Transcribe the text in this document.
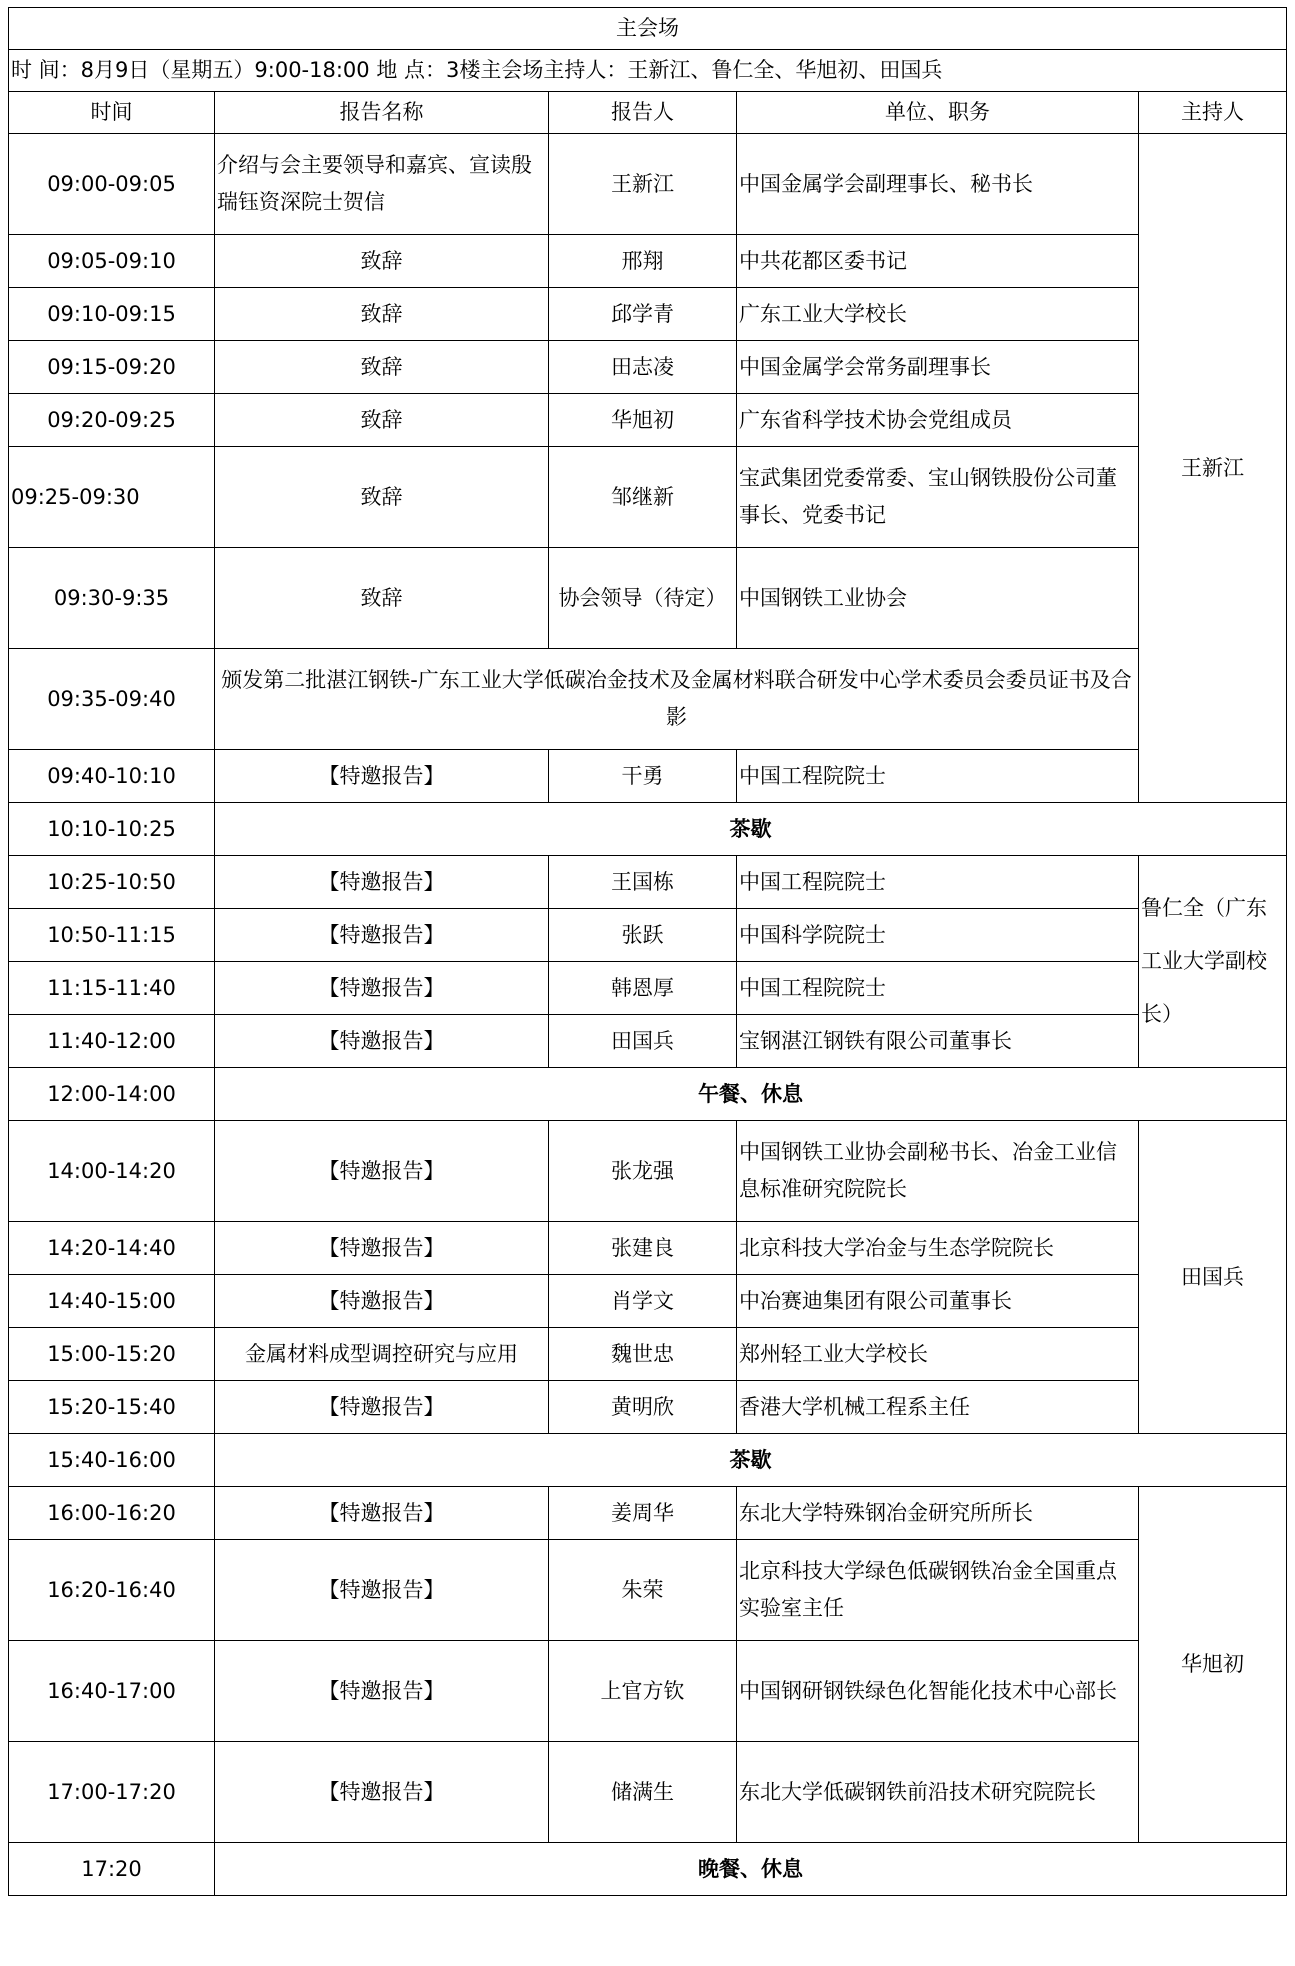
主会场				
时 间：8月9日（星期五）9:00-18:00 地 点：3楼主会场主持人：王新江、鲁仁全、华旭初、田国兵				
时间	报告名称	报告人	单位、职务	主持人
09:00-09:05	介绍与会主要领导和嘉宾、宣读殷瑞钰资深院士贺信	王新江	中国金属学会副理事长、秘书长	王新江
09:05-09:10	致辞	邢翔	中共花都区委书记	
09:10-09:15	致辞	邱学青	广东工业大学校长	
09:15-09:20	致辞	田志凌	中国金属学会常务副理事长	
09:20-09:25	致辞	华旭初	广东省科学技术协会党组成员	
09:25-09:30	致辞	邹继新	宝武集团党委常委、宝山钢铁股份公司董事长、党委书记	
09:30-9:35	致辞	协会领导（待定）	中国钢铁工业协会	
09:35-09:40	颁发第二批湛江钢铁-广东工业大学低碳冶金技术及金属材料联合研发中心学术委员会委员证书及合影			
09:40-10:10	【特邀报告】	干勇	中国工程院院士	
10:10-10:25	茶歇			
10:25-10:50	【特邀报告】	王国栋	中国工程院院士	鲁仁全（广东工业大学副校长）
10:50-11:15	【特邀报告】	张跃	中国科学院院士	
11:15-11:40	【特邀报告】	韩恩厚	中国工程院院士	
11:40-12:00	【特邀报告】	田国兵	宝钢湛江钢铁有限公司董事长	
12:00-14:00	午餐、休息			
14:00-14:20	【特邀报告】	张龙强	中国钢铁工业协会副秘书长、冶金工业信息标准研究院院长	田国兵
14:20-14:40	【特邀报告】	张建良	北京科技大学冶金与生态学院院长	
14:40-15:00	【特邀报告】	肖学文	中冶赛迪集团有限公司董事长	
15:00-15:20	金属材料成型调控研究与应用	魏世忠	郑州轻工业大学校长	
15:20-15:40	【特邀报告】	黄明欣	香港大学机械工程系主任	
15:40-16:00	茶歇			
16:00-16:20	【特邀报告】	姜周华	东北大学特殊钢冶金研究所所长	华旭初
16:20-16:40	【特邀报告】	朱荣	北京科技大学绿色低碳钢铁冶金全国重点实验室主任	
16:40-17:00	【特邀报告】	上官方钦	中国钢研钢铁绿色化智能化技术中心部长	
17:00-17:20	【特邀报告】	储满生	东北大学低碳钢铁前沿技术研究院院长	
17:20	晚餐、休息			
